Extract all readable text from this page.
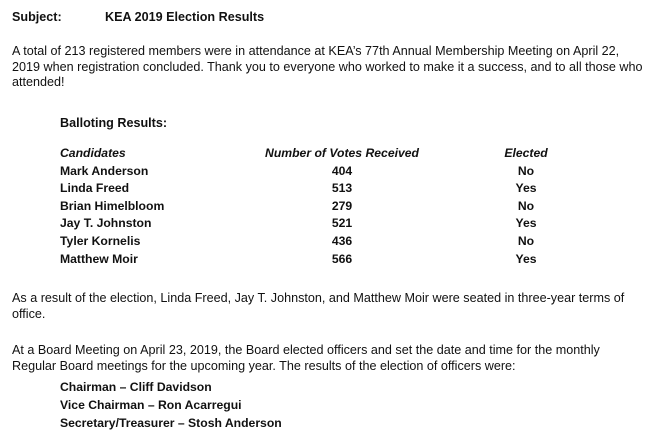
Subject:	KEA 2019 Election Results

A total of 213 registered members were in attendance at KEA’s 77th Annual Membership Meeting on April 22, 2019 when registration concluded. Thank you to everyone who worked to make it a success, and to all those who attended!

Balloting Results:
Candidates	Number of Votes Received	Elected
Mark Anderson	404	No
Linda Freed	513	Yes
Brian Himelbloom	279	No
Jay T. Johnston	521	Yes
Tyler Kornelis	436	No
Matthew Moir	566	Yes

As a result of the election, Linda Freed, Jay T. Johnston, and Matthew Moir were seated in three-year terms of office.

At a Board Meeting on April 23, 2019, the Board elected officers and set the date and time for the monthly Regular Board meetings for the upcoming year. The results of the election of officers were:

Chairman – Cliff Davidson
Vice Chairman – Ron Acarregui
Secretary/Treasurer – Stosh Anderson
